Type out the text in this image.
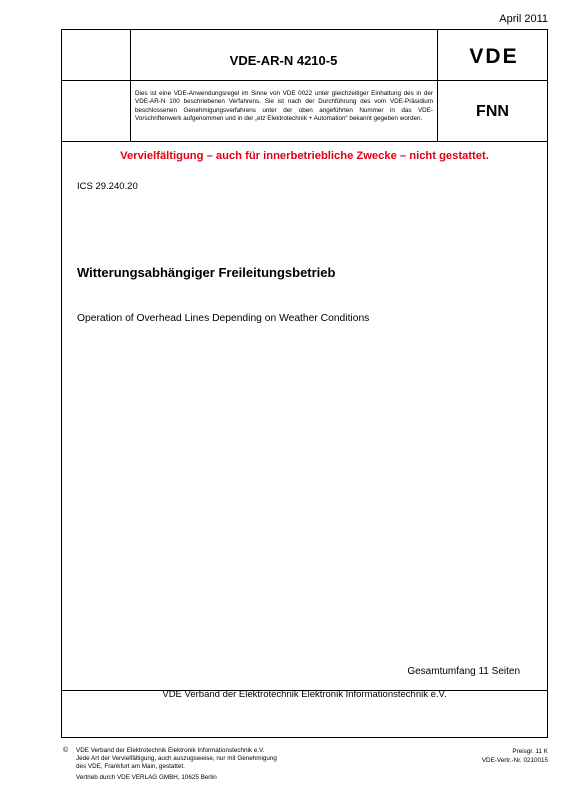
April 2011
VDE-AR-N 4210-5	VDE
Dies ist eine VDE-Anwendungsregel im Sinne von VDE 0022 unter gleichzeitiger Einhaltung des in der VDE-AR-N 100 beschriebenen Verfahrens. Sie ist nach der Durchführung des vom VDE-Präsidium beschlossenen Genehmigungsverfahrens unter der oben angeführten Nummer in das VDE-Vorschriftenwerk aufgenommen und in der „etz Elektrotechnik + Automation“ bekannt gegeben worden.	FNN
Vervielfältigung – auch für innerbetriebliche Zwecke – nicht gestattet.
ICS 29.240.20
Witterungsabhängiger Freileitungsbetrieb
Operation of Overhead Lines Depending on Weather Conditions
Gesamtumfang 11 Seiten
VDE Verband der Elektrotechnik Elektronik Informationstechnik e.V.
© VDE Verband der Elektrotechnik Elektronik Informationstechnik e.V.
Jede Art der Vervielfältigung, auch auszugsweise, nur mit Genehmigung
des VDE, Frankfurt am Main, gestattet.
Vertrieb durch VDE VERLAG GMBH, 10625 Berlin
Preisgr. 11 K
VDE-Vertr.-Nr. 0210015
